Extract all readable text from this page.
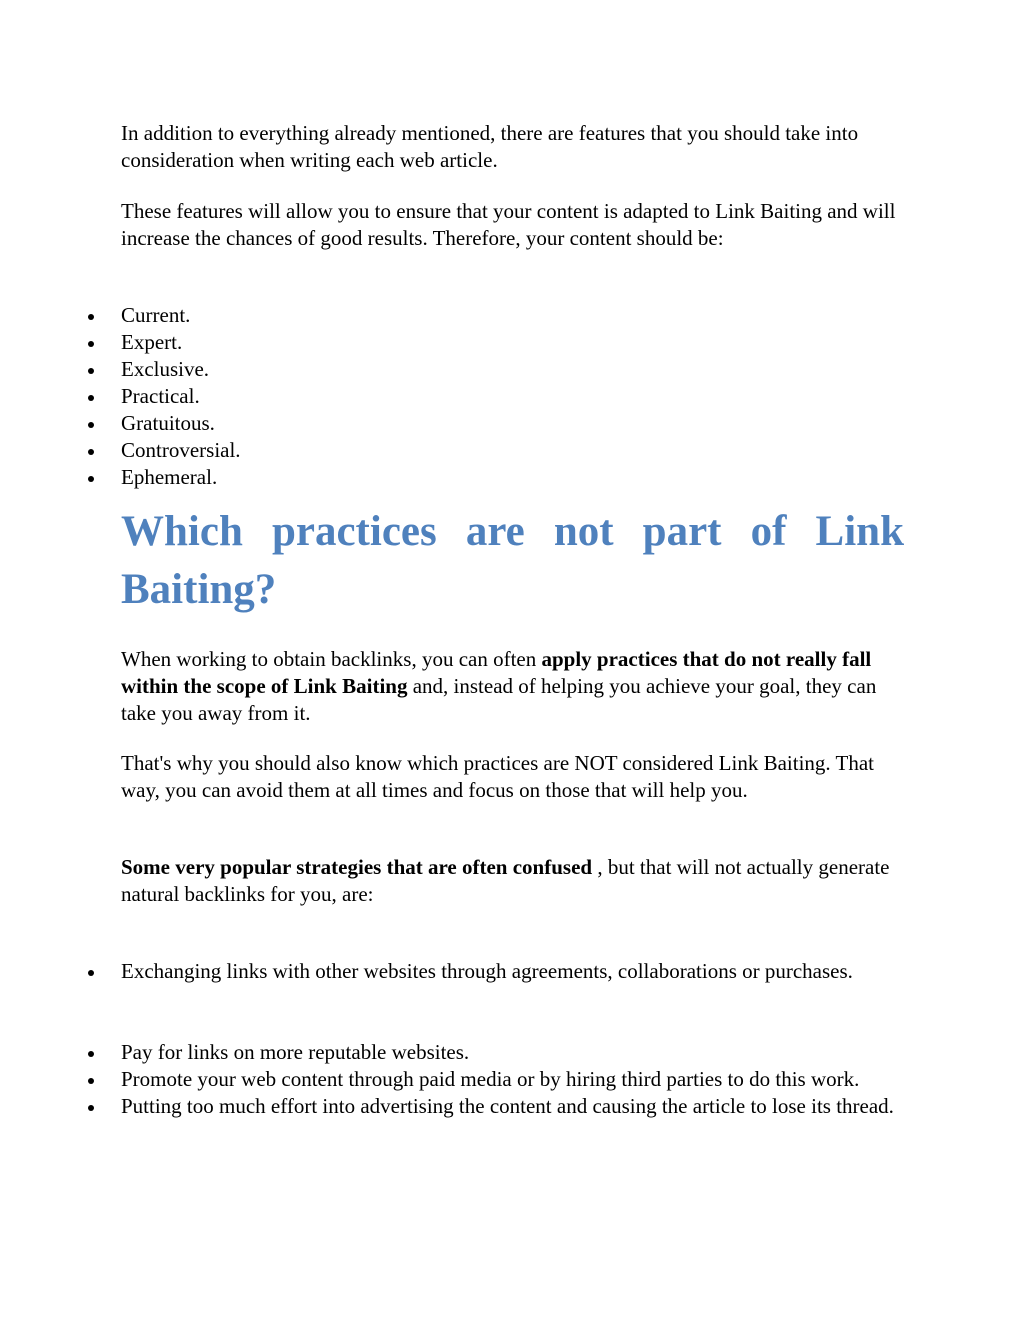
In addition to everything already mentioned, there are features that you should take into consideration when writing each web article.

These features will allow you to ensure that your content is adapted to Link Baiting and will increase the chances of good results. Therefore, your content should be:

Current.
Expert.
Exclusive.
Practical.
Gratuitous.
Controversial.
Ephemeral.
Which practices are not part of Link
Baiting?

When working to obtain backlinks, you can often apply practices that do not really fall within the scope of Link Baiting and, instead of helping you achieve your goal, they can take you away from it.

That's why you should also know which practices are NOT considered Link Baiting. That way, you can avoid them at all times and focus on those that will help you.

Some very popular strategies that are often confused , but that will not actually generate natural backlinks for you, are:

Exchanging links with other websites through agreements, collaborations or purchases.
Pay for links on more reputable websites.
Promote your web content through paid media or by hiring third parties to do this work.
Putting too much effort into advertising the content and causing the article to lose its thread.
